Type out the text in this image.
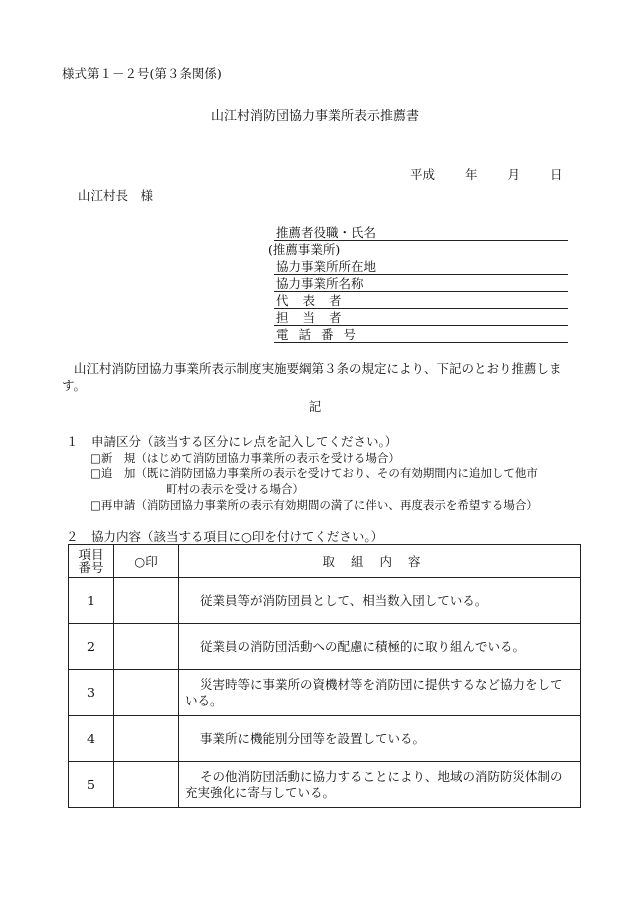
様式第１－２号(第３条関係)
山江村消防団協力事業所表示推薦書
平成 年 月 日
山江村長　様
推薦者役職・氏名
(推薦事業所)
協力事業所所在地
協力事業所名称
代表者
担当者
電話番号
山江村消防団協力事業所表示制度実施要綱第３条の規定により、下記のとおり推薦します。
記
１　申請区分（該当する区分にレ点を記入してください。）
□新　規（はじめて消防団協力事業所の表示を受ける場合）
□追　加（既に消防団協力事業所の表示を受けており、その有効期間内に追加して他市
町村の表示を受ける場合）
□再申請（消防団協力事業所の表示有効期間の満了に伴い、再度表示を希望する場合）
２　協力内容（該当する項目に○印を付けてください。）
項目
番号	○印	取組内容
1		従業員等が消防団員として、相当数入団している。
2		従業員の消防団活動への配慮に積極的に取り組んでいる。
3		災害時等に事業所の資機材等を消防団に提供するなど協力をしている。
4		事業所に機能別分団等を設置している。
5		その他消防団活動に協力することにより、地域の消防防災体制の充実強化に寄与している。
